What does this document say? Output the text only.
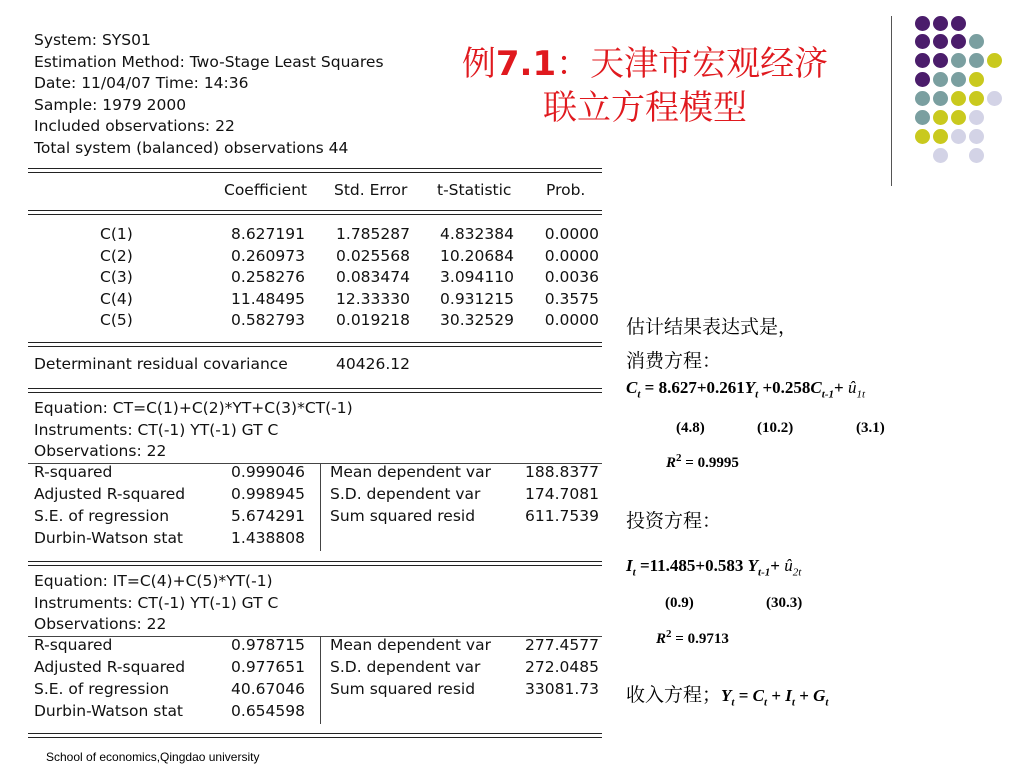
System: SYS01
Estimation Method: Two-Stage Least Squares
Date: 11/04/07 Time: 14:36
Sample: 1979 2000
Included observations: 22
Total system (balanced) observations 44
例7.1：天津市宏观经济
联立方程模型
Coefficient Std. Error t-Statistic Prob.
C(1)	8.627191 1.785287 4.832384 0.0000
C(2)	0.260973 0.025568 10.20684 0.0000
C(3)	0.258276 0.083474 3.094110 0.0036
C(4)	11.48495 12.33330 0.931215 0.3575
C(5)	0.582793 0.019218 30.32529 0.0000
Determinant residual covariance	40426.12
Equation: CT=C(1)+C(2)*YT+C(3)*CT(-1)
Instruments: CT(-1) YT(-1) GT C
Observations: 22
R-squared	0.999046 Mean dependent var 188.8377
Adjusted R-squared	0.998945 S.D. dependent var	174.7081
S.E. of regression	5.674291 Sum squared resid	611.7539
Durbin-Watson stat	1.438808
Equation: IT=C(4)+C(5)*YT(-1)
Instruments: CT(-1) YT(-1) GT C
Observations: 22
R-squared	0.978715 Mean dependent var 277.4577
Adjusted R-squared	0.977651 S.D. dependent var	272.0485
S.E. of regression	40.67046 Sum squared resid	33081.73
Durbin-Watson stat	0.654598
估计结果表达式是，
消费方程：
$C_t = 8.627+0.261Y_t +0.258C_{t-1}+$ $û_{1t}$
(4.8)	(10.2)	(3.1)
$R^2 = 0.9995$
投资方程：
$I_t =11.485+0.583$ $Y_{t-1}+$ $û_{2t}$
(0.9)	(30.3)
$R^2 = 0.9713$
收入方程；$Y_t = C_t + I_t + G_t$
School of economics,Qingdao university
